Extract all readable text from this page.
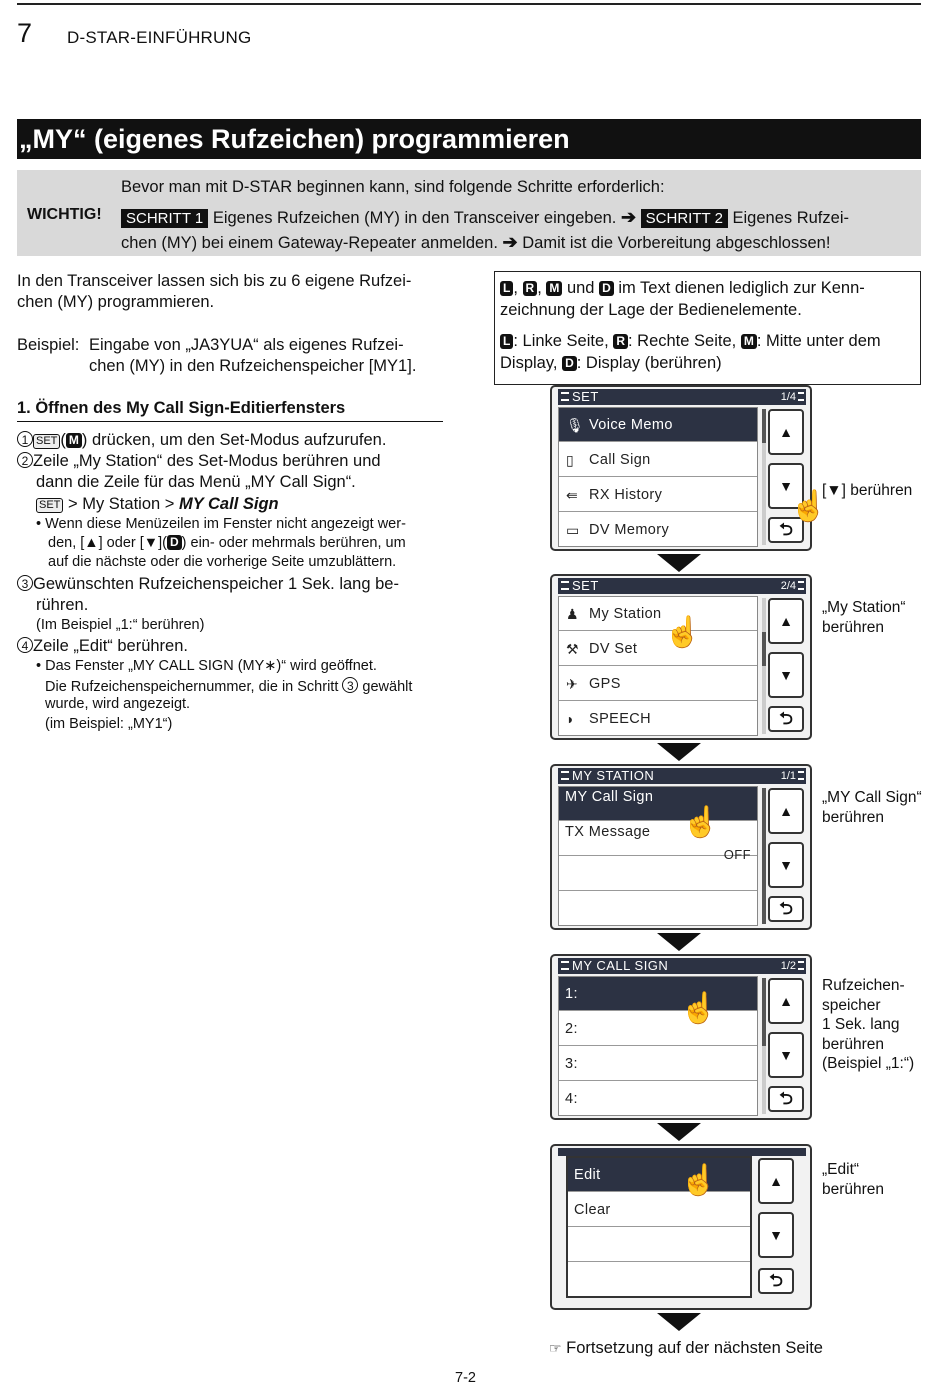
7 D-STAR-EINFÜHRUNG
„MY“ (eigenes Rufzeichen) programmieren
WICHTIG!

Bevor man mit D-STAR beginnen kann, sind folgende Schritte erforderlich:

SCHRITT 1 Eigenes Rufzeichen (MY) in den Transceiver eingeben. ➔ SCHRITT 2 Eigenes Rufzei-

chen (MY) bei einem Gateway-Repeater anmelden. ➔ Damit ist die Vorbereitung abgeschlossen!

In den Transceiver lassen sich bis zu 6 eigene Rufzei-

chen (MY) programmieren.

Beispiel: Eingabe von „JA3YUA“ als eigenes Rufzei-

chen (MY) in den Rufzeichenspeicher [MY1].

1. Öffnen des My Call Sign-Editierfensters

1 SET ( M ) drücken, um den Set-Modus aufzurufen.

2 Zeile „My Station“ des Set-Modus berühren und

dann die Zeile für das Menü „MY Call Sign“.

SET > My Station > MY Call Sign

• Wenn diese Menüzeilen im Fenster nicht angezeigt wer-

den, [▲] oder [▼]( D ) ein- oder mehrmals berühren, um

auf die nächste oder die vorherige Seite umzublättern.

3 Gewünschten Rufzeichenspeicher 1 Sek. lang be-

rühren.

(Im Beispiel „1:“ berühren)

4 Zeile „Edit“ berühren.

• Das Fenster „MY CALL SIGN (MY∗)“ wird geöffnet.

Die Rufzeichenspeichernummer, die in Schritt 3 gewählt

wurde, wird angezeigt.

(im Beispiel: „MY1“)

L , R , M und D im Text dienen lediglich zur Kenn-

zeichnung der Lage der Bedienelemente.

L : Linke Seite, R : Rechte Seite, M : Mitte unter dem

Display, D : Display (berühren)

SET	1/4
🎙 Voice Memo
▯ Call Sign
⇚ RX History
▭ DV Memory
▲
▼
⮌
☝

[▼] berühren

SET	2/4
♟ My Station
⚒ DV Set
✈ GPS
◗ SPEECH
▲
▼
⮌
☝

„My Station“

berühren

MY STATION	1/1
MY Call Sign
TX Message
OFF
▲
▼
⮌
☝

„MY Call Sign“

berühren

MY CALL SIGN	1/2
1:
2:
3:
4:
▲
▼
⮌
☝

Rufzeichen-

speicher

1 Sek. lang

berühren

(Beispiel „1:“)

Edit
Clear
▲
▼
⮌
☝	„Edit“

berühren

☞ Fortsetzung auf der nächsten Seite
7-2
